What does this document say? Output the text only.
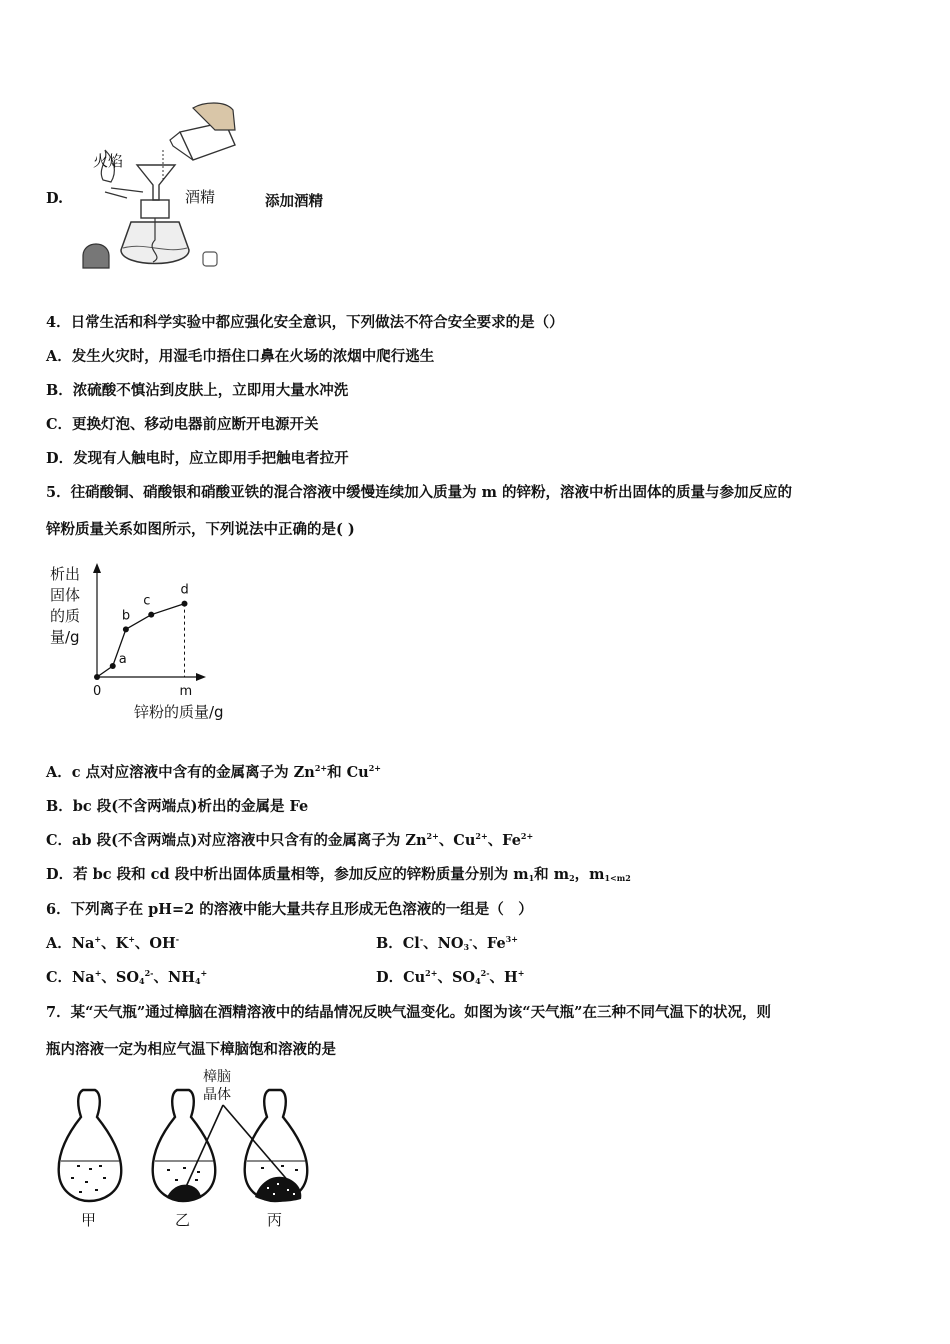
D.
火焰
酒精	添加酒精
4．日常生活和科学实验中都应强化安全意识，下列做法不符合安全要求的是（）
A．发生火灾时，用湿毛巾捂住口鼻在火场的浓烟中爬行逃生
B．浓硫酸不慎沾到皮肤上，立即用大量水冲洗
C．更换灯泡、移动电器前应断开电源开关
D．发现有人触电时，应立即用手把触电者拉开
5．往硝酸铜、硝酸银和硝酸亚铁的混合溶液中缓慢连续加入质量为 m 的锌粉，溶液中析出固体的质量与参加反应的
锌粉质量关系如图所示，下列说法中正确的是( )
析出
固体
的质
量/g
a
b
c
d
0	m
锌粉的质量/g
A．c 点对应溶液中含有的金属离子为 $Zn^{2+}$和 $Cu^{2+}$
B．bc 段(不含两端点)析出的金属是 Fe
C．ab 段(不含两端点)对应溶液中只含有的金属离子为 $Zn^{2+}$、$Cu^{2+}$、$Fe^{2+}$
D．若 bc 段和 cd 段中析出固体质量相等，参加反应的锌粉质量分别为 $m_1$和 $m_2$，$m_{1<m2}$
6．下列离子在 pH=2 的溶液中能大量共存且形成无色溶液的一组是（　）
A．Na+、K+、OH-	B．Cl-、$NO_3^-$、$Fe^{3+}$
C．Na+、$SO_4^{2-}$、$NH_4^+$	D．$Cu^{2+}$、$SO_4^{2-}$、H+
7．某“天气瓶”通过樟脑在酒精溶液中的结晶情况反映气温变化。如图为该“天气瓶”在三种不同气温下的状况，则
瓶内溶液一定为相应气温下樟脑饱和溶液的是
樟脑
晶体
甲	乙	丙
